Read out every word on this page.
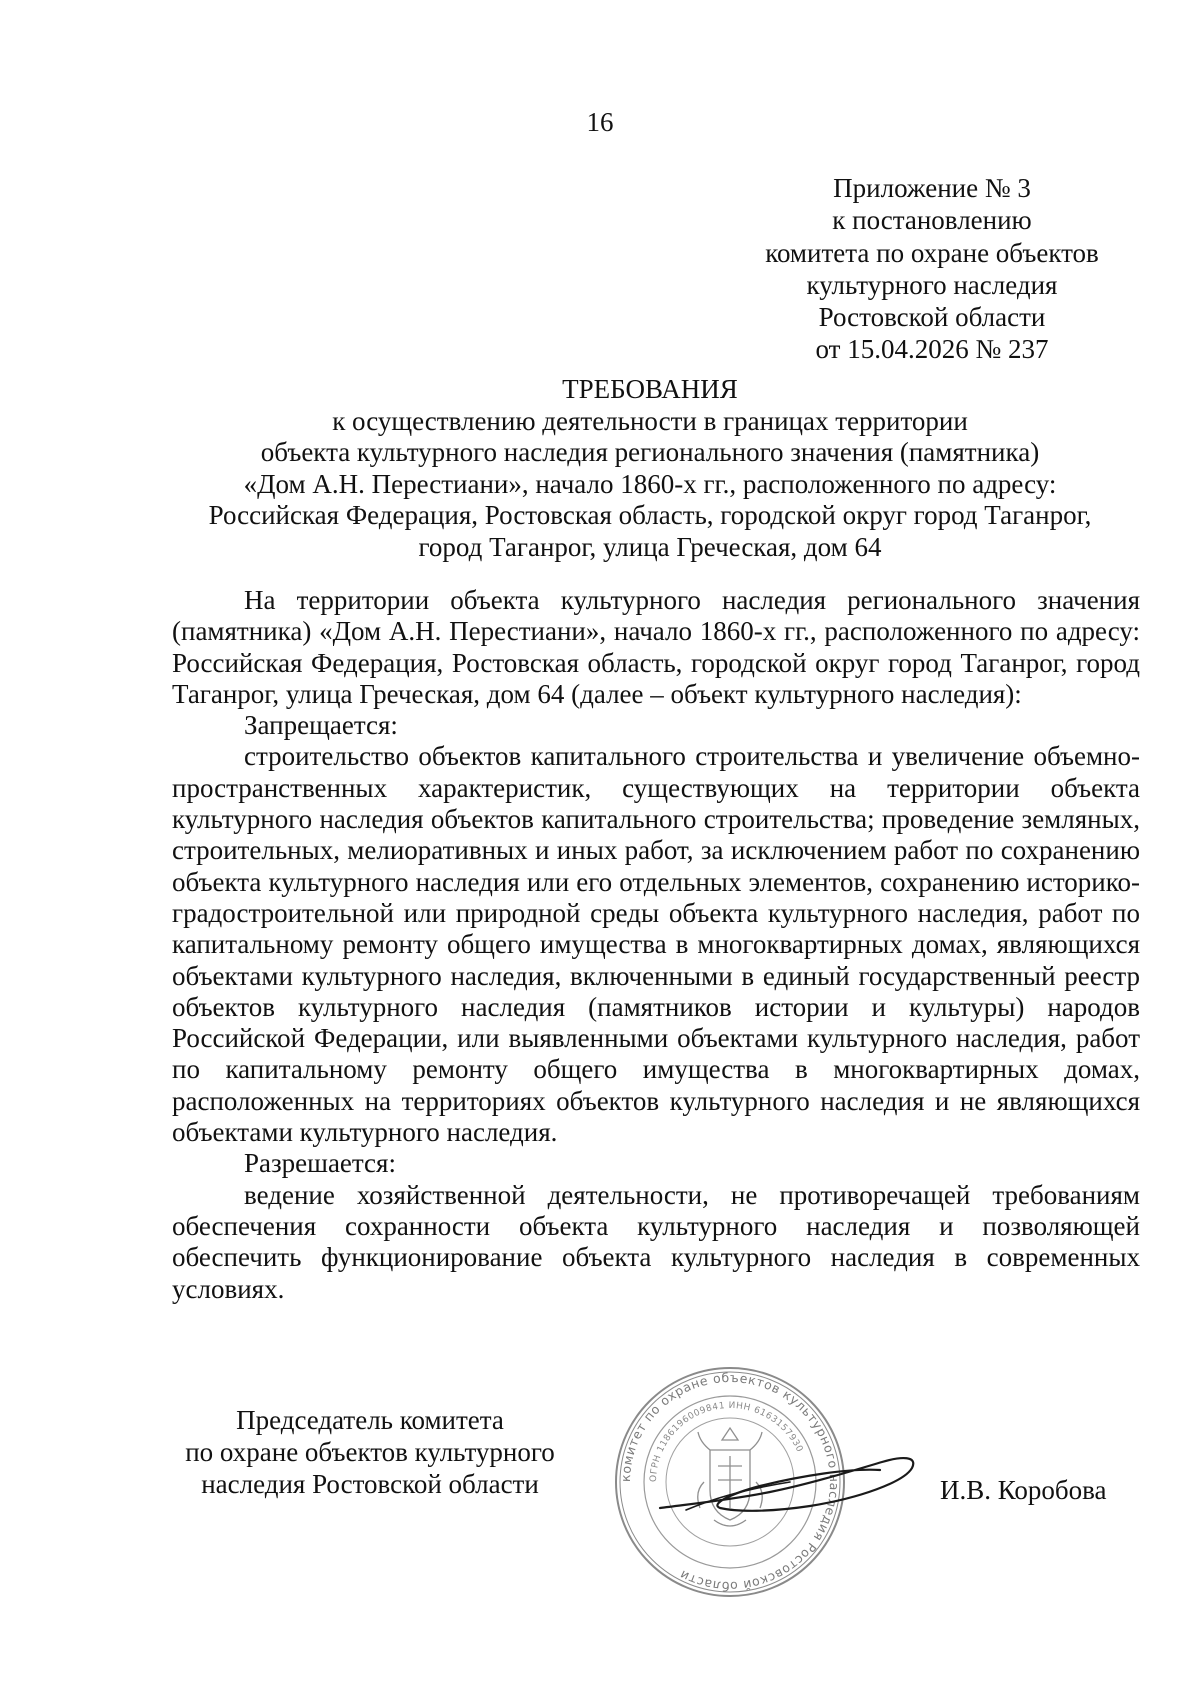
16
Приложение № 3
к постановлению
комитета по охране объектов
культурного наследия
Ростовской области
от 15.04.2026 № 237
ТРЕБОВАНИЯ
к осуществлению деятельности в границах территории
объекта культурного наследия регионального значения (памятника)
«Дом А.Н. Перестиани», начало 1860-х гг., расположенного по адресу:
Российская Федерация, Ростовская область, городской округ город Таганрог,
город Таганрог, улица Греческая, дом 64

На территории объекта культурного наследия регионального значения (памятника) «Дом А.Н. Перестиани», начало 1860-х гг., расположенного по адресу: Российская Федерация, Ростовская область, городской округ город Таганрог, город Таганрог, улица Греческая, дом 64 (далее – объект культурного наследия):

Запрещается:

строительство объектов капитального строительства и увеличение объемно-пространственных характеристик, существующих на территории объекта культурного наследия объектов капитального строительства; проведение земляных, строительных, мелиоративных и иных работ, за исключением работ по сохранению объекта культурного наследия или его отдельных элементов, сохранению историко-градостроительной или природной среды объекта культурного наследия, работ по капитальному ремонту общего имущества в многоквартирных домах, являющихся объектами культурного наследия, включенными в единый государственный реестр объектов культурного наследия (памятников истории и культуры) народов Российской Федерации, или выявленными объектами культурного наследия, работ по капитальному ремонту общего имущества в многоквартирных домах, расположенных на территориях объектов культурного наследия и не являющихся объектами культурного наследия.

Разрешается:

ведение хозяйственной деятельности, не противоречащей требованиям обеспечения сохранности объекта культурного наследия и позволяющей обеспечить функционирование объекта культурного наследия в современных условиях.

Председатель комитета
по охране объектов культурного
наследия Ростовской области	комитет по охране объектов культурного наследия Ростовской области
ОГРН 1186196009841 ИНН 6163157930
И.В. Коробова
